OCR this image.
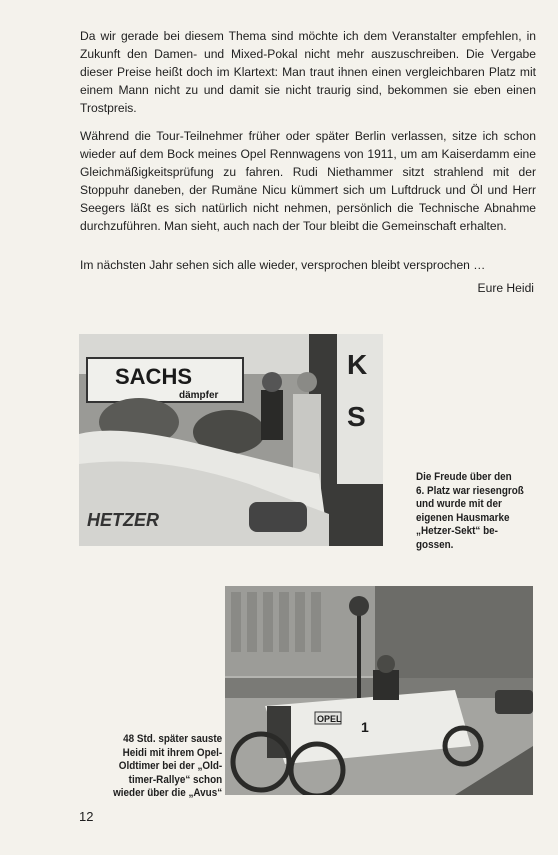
Da wir gerade bei diesem Thema sind möchte ich dem Veranstalter empfehlen, in Zukunft den Damen- und Mixed-Pokal nicht mehr auszuschreiben. Die Vergabe dieser Preise heißt doch im Klartext: Man traut ihnen einen vergleichbaren Platz mit einem Mann nicht zu und damit sie nicht traurig sind, bekommen sie eben einen Trostpreis.

Während die Tour-Teilnehmer früher oder später Berlin verlassen, sitze ich schon wieder auf dem Bock meines Opel Rennwagens von 1911, um am Kaiserdamm eine Gleichmäßigkeitsprüfung zu fahren. Rudi Niethammer sitzt strahlend mit der Stoppuhr daneben, der Rumäne Nicu kümmert sich um Luftdruck und Öl und Herr Seegers läßt es sich natürlich nicht nehmen, persönlich die Technische Abnahme durchzuführen. Man sieht, auch nach der Tour bleibt die Gemeinschaft erhalten.

Im nächsten Jahr sehen sich alle wieder, versprochen bleibt versprochen …

Eure Heidi
K
S
SACHS
dämpfer
HETZER
Die Freude über den
6. Platz war riesengroß
und wurde mit der
eigenen Hausmarke
„Hetzer-Sekt“ be-
gossen.
OPEL 1
48 Std. später sauste
Heidi mit ihrem Opel-
Oldtimer bei der „Old-
timer-Rallye“ schon
wieder über die „Avus“
12
